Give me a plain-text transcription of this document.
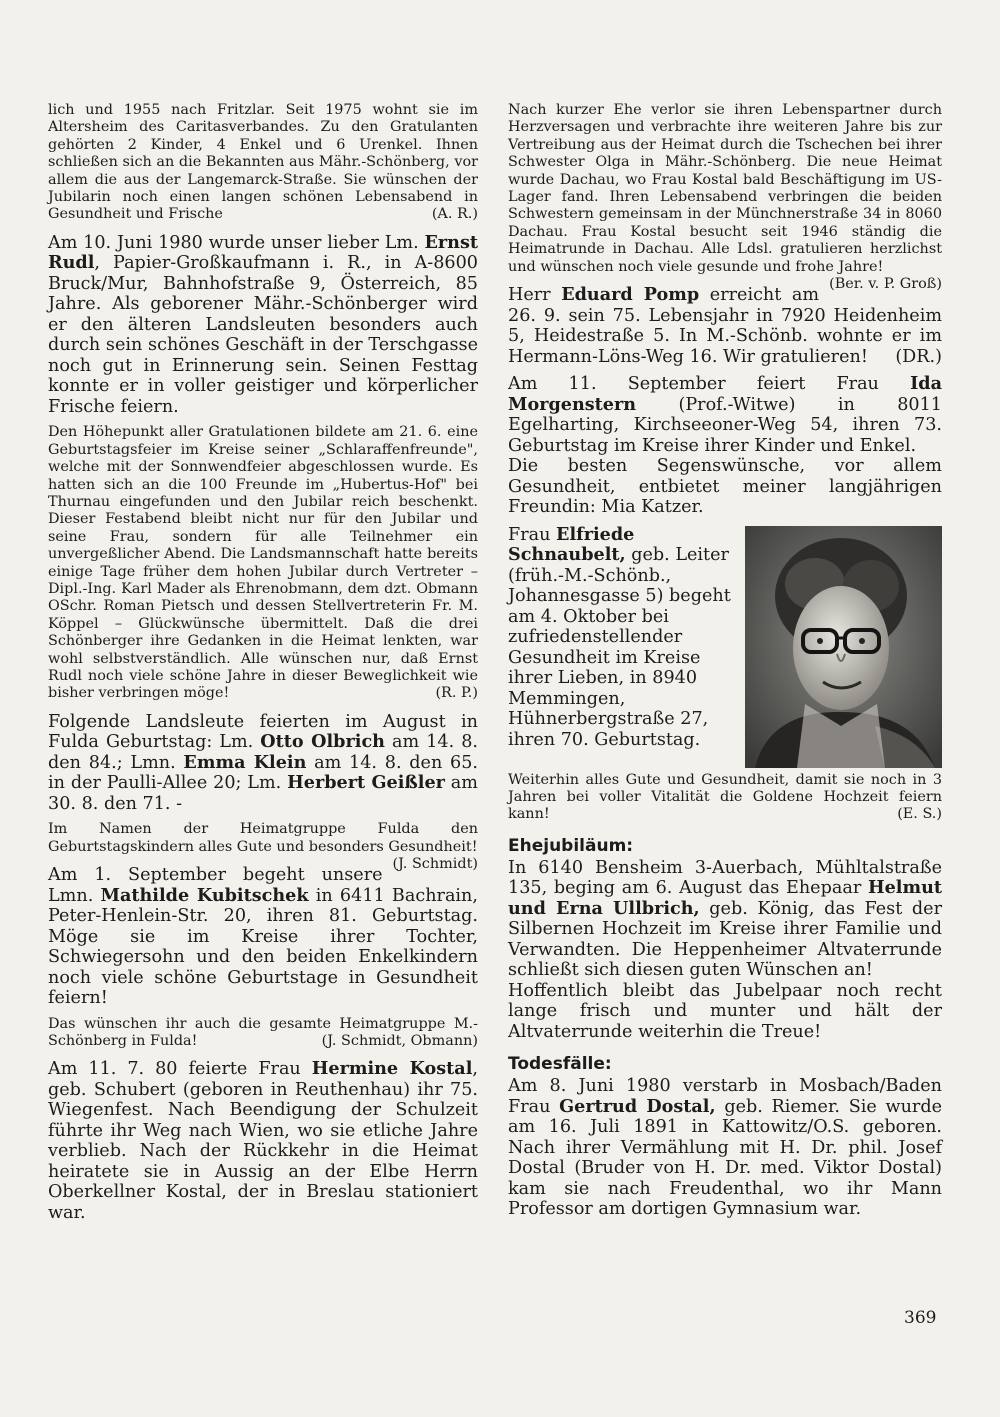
lich und 1955 nach Fritzlar. Seit 1975 wohnt sie im Altersheim des Caritasverbandes. Zu den Gratulanten gehörten 2 Kinder, 4 Enkel und 6 Urenkel. Ihnen schließen sich an die Bekannten aus Mähr.-Schönberg, vor allem die aus der Langemarck-Straße. Sie wünschen der Jubilarin noch einen langen schönen Lebensabend in Gesundheit und Frische	(A. R.)

Am 10. Juni 1980 wurde unser lieber Lm. Ernst Rudl, Papier-Großkaufmann i. R., in A-8600 Bruck/Mur, Bahnhofstraße 9, Österreich, 85 Jahre. Als geborener Mähr.-Schönberger wird er den älteren Landsleuten besonders auch durch sein schönes Geschäft in der Terschgasse noch gut in Erinnerung sein. Seinen Festtag konnte er in voller geistiger und körperlicher Frische feiern.

Den Höhepunkt aller Gratulationen bildete am 21. 6. eine Geburtstagsfeier im Kreise seiner „Schlaraffenfreunde", welche mit der Sonnwendfeier abgeschlossen wurde. Es hatten sich an die 100 Freunde im „Hubertus-Hof" bei Thurnau eingefunden und den Jubilar reich beschenkt. Dieser Festabend bleibt nicht nur für den Jubilar und seine Frau, sondern für alle Teilnehmer ein unvergeßlicher Abend. Die Landsmannschaft hatte bereits einige Tage früher dem hohen Jubilar durch Vertreter – Dipl.-Ing. Karl Mader als Ehrenobmann, dem dzt. Obmann OSchr. Roman Pietsch und dessen Stellvertreterin Fr. M. Köppel – Glückwünsche übermittelt. Daß die drei Schönberger ihre Gedanken in die Heimat lenkten, war wohl selbstverständlich. Alle wünschen nur, daß Ernst Rudl noch viele schöne Jahre in dieser Beweglichkeit wie bisher verbringen möge!	(R. P.)

Folgende Landsleute feierten im August in Fulda Geburtstag: Lm. Otto Olbrich am 14. 8. den 84.; Lmn. Emma Klein am 14. 8. den 65. in der Paulli-Allee 20; Lm. Herbert Geißler am 30. 8. den 71. -

Im Namen der Heimatgruppe Fulda den Geburtstagskindern alles Gute und besonders Gesundheit!
(J. Schmidt)

Am 1. September begeht unsere Lmn. Mathilde Kubitschek in 6411 Bachrain, Peter-Henlein-Str. 20, ihren 81. Geburtstag. Möge sie im Kreise ihrer Tochter, Schwiegersohn und den beiden Enkelkindern noch viele schöne Geburtstage in Gesundheit feiern!

Das wünschen ihr auch die gesamte Heimatgruppe M.-Schönberg in Fulda!	(J. Schmidt, Obmann)

Am 11. 7. 80 feierte Frau Hermine Kostal, geb. Schubert (geboren in Reuthenhau) ihr 75. Wiegenfest. Nach Beendigung der Schulzeit führte ihr Weg nach Wien, wo sie etliche Jahre verblieb. Nach der Rückkehr in die Heimat heiratete sie in Aussig an der Elbe Herrn Oberkellner Kostal, der in Breslau stationiert war.

Nach kurzer Ehe verlor sie ihren Lebenspartner durch Herzversagen und verbrachte ihre weiteren Jahre bis zur Vertreibung aus der Heimat durch die Tschechen bei ihrer Schwester Olga in Mähr.-Schönberg. Die neue Heimat wurde Dachau, wo Frau Kostal bald Beschäftigung im US-Lager fand. Ihren Lebensabend verbringen die beiden Schwestern gemeinsam in der Münchnerstraße 34 in 8060 Dachau. Frau Kostal besucht seit 1946 ständig die Heimatrunde in Dachau. Alle Ldsl. gratulieren herzlichst und wünschen noch viele gesunde und frohe Jahre!
(Ber. v. P. Groß)

Herr Eduard Pomp erreicht am 26. 9. sein 75. Lebensjahr in 7920 Heidenheim 5, Heidestraße 5. In M.-Schönb. wohnte er im Hermann-Löns-Weg 16. Wir gratulieren! (DR.)

Am 11. September feiert Frau Ida Morgenstern (Prof.-Witwe) in 8011 Egelharting, Kirchseeoner-Weg 54, ihren 73. Geburtstag im Kreise ihrer Kinder und Enkel.
Die besten Segenswünsche, vor allem Gesundheit, entbietet meiner langjährigen Freundin: Mia Katzer.

Frau Elfriede Schnaubelt, geb. Leiter (früh.-M.-Schönb., Johannesgasse 5) begeht am 4. Oktober bei zufriedenstellender Gesundheit im Kreise ihrer Lieben, in 8940 Memmingen, Hühnerbergstraße 27, ihren 70. Geburtstag.

Weiterhin alles Gute und Gesundheit, damit sie noch in 3 Jahren bei voller Vitalität die Goldene Hochzeit feiern kann!	(E. S.)

Ehejubiläum:

In 6140 Bensheim 3-Auerbach, Mühltalstraße 135, beging am 6. August das Ehepaar Helmut und Erna Ullbrich, geb. König, das Fest der Silbernen Hochzeit im Kreise ihrer Familie und Verwandten. Die Heppenheimer Altvaterrunde schließt sich diesen guten Wünschen an!
Hoffentlich bleibt das Jubelpaar noch recht lange frisch und munter und hält der Altvaterrunde weiterhin die Treue!

Todesfälle:

Am 8. Juni 1980 verstarb in Mosbach/Baden Frau Gertrud Dostal, geb. Riemer. Sie wurde am 16. Juli 1891 in Kattowitz/O.S. geboren. Nach ihrer Vermählung mit H. Dr. phil. Josef Dostal (Bruder von H. Dr. med. Viktor Dostal) kam sie nach Freudenthal, wo ihr Mann Professor am dortigen Gymnasium war.

369
